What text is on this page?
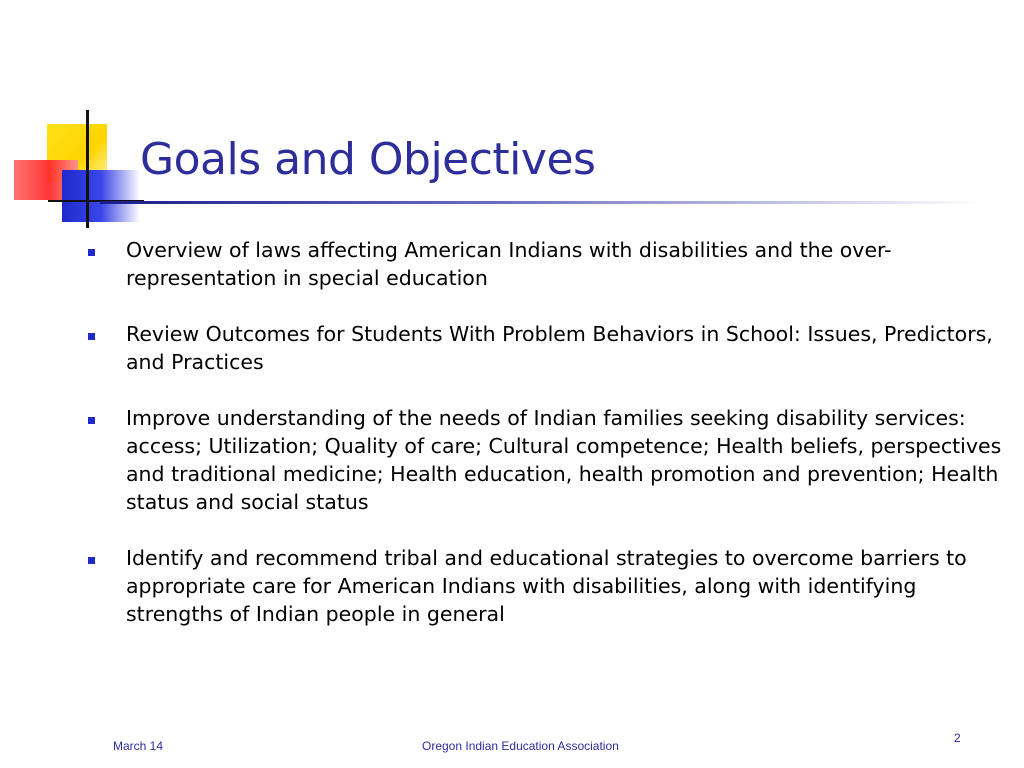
Goals and Objectives
Overview of laws affecting American Indians with disabilities and the over-representation in special education
Review Outcomes for Students With Problem Behaviors in School: Issues, Predictors, and Practices
Improve understanding of the needs of Indian families seeking disability services: access; Utilization; Quality of care; Cultural competence; Health beliefs, perspectives and traditional medicine; Health education, health promotion and prevention; Health status and social status
Identify and recommend tribal and educational strategies to overcome barriers to appropriate care for American Indians with disabilities, along with identifying strengths of Indian people in general
March 14	Oregon Indian Education Association
2
